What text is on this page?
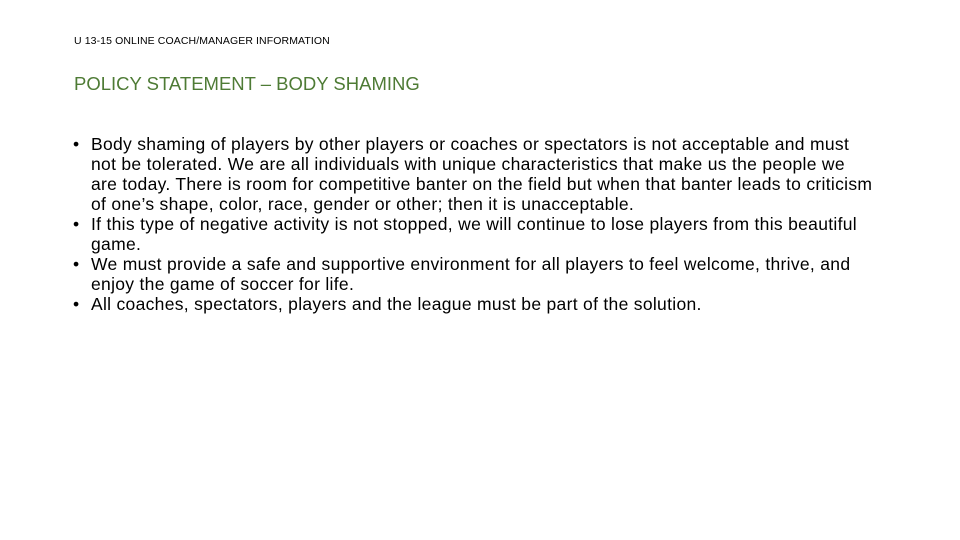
U 13-15 ONLINE COACH/MANAGER INFORMATION
POLICY STATEMENT – BODY SHAMING
• Body shaming of players by other players or coaches or spectators is not acceptable and must not be tolerated. We are all individuals with unique characteristics that make us the people we are today. There is room for competitive banter on the field but when that banter leads to criticism of one’s shape, color, race, gender or other; then it is unacceptable.
• If this type of negative activity is not stopped, we will continue to lose players from this beautiful game.
• We must provide a safe and supportive environment for all players to feel welcome, thrive, and enjoy the game of soccer for life.
• All coaches, spectators, players and the league must be part of the solution.
